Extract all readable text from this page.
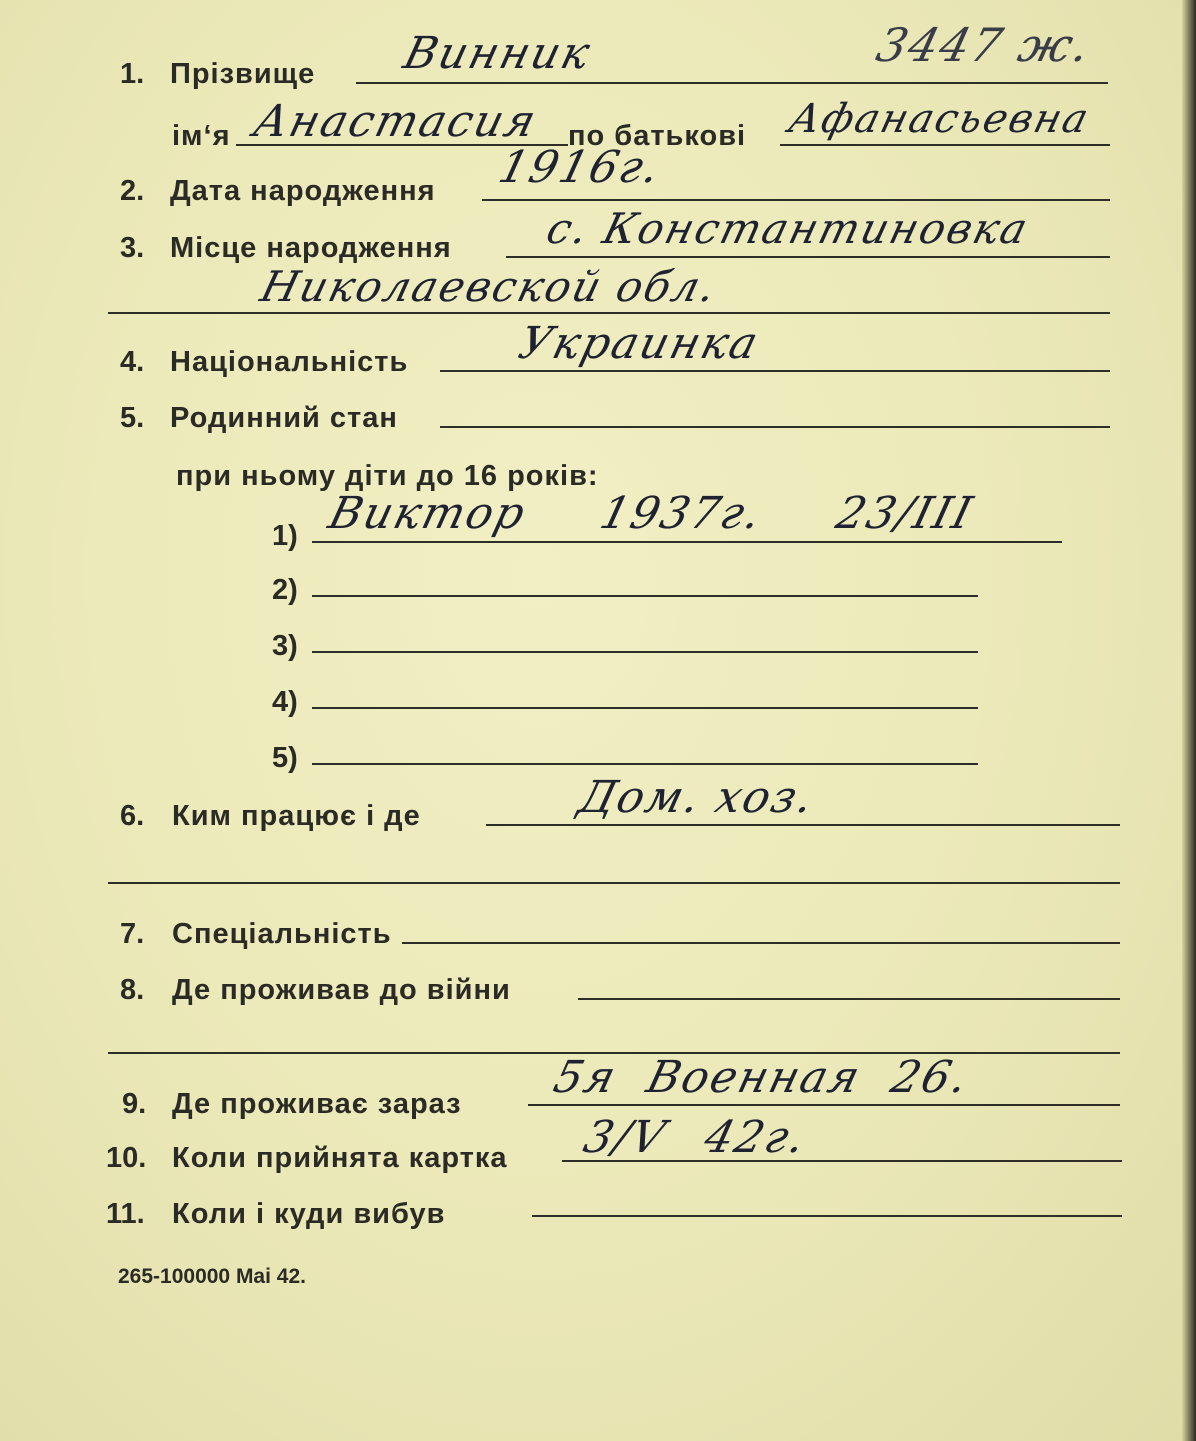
3447 ж.
1. Прізвище Винник
ім‘я Анастасия по батькові Афанасьевна
2. Дата народження 1916г.
3. Місце народження с. Константиновка
Николаевской обл.
4. Національність Украинка
5. Родинний стан
при ньому діти до 16 років:
1) Виктор 1937г. 23/III
2)
3)
4)
5)
6. Ким працює і де	Дом. хоз.
7. Спеціальність
8. Де проживав до війни
9. Де проживає зараз
5я Военная 26.
10. Коли прийнята картка 3/V 42г.
11. Коли і куди вибув
265-100000 Mai 42.
